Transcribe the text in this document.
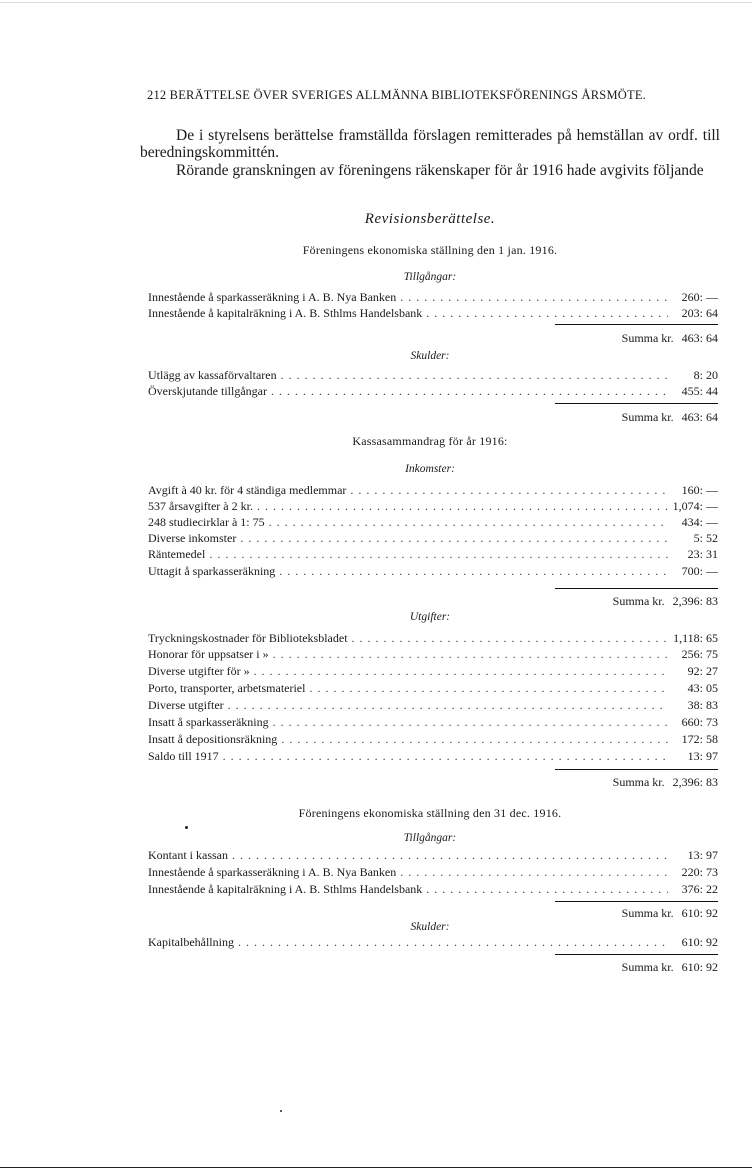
212 BERÄTTELSE ÖVER SVERIGES ALLMÄNNA BIBLIOTEKSFÖRENINGS ÅRSMÖTE.
De i styrelsens berättelse framställda förslagen remitterades på hemställan av ordf. till beredningskommittén.
Rörande granskningen av föreningens räkenskaper för år 1916 hade avgivits följande
Revisionsberättelse.
Föreningens ekonomiska ställning den 1 jan. 1916.
Tillgångar:
Innestående å sparkasseräkning i A. B. Nya Banken . . .	260: —
Innestående å kapitalräkning i A. B. Sthlms Handelsbank . . .	203: 64
Summa kr. 463: 64
Skulder:
Utlägg av kassaförvaltaren . . .	8: 20
Överskjutande tillgångar . . .	455: 44
Summa kr. 463: 64
Kassasammandrag för år 1916:
Inkomster:
Avgift à 40 kr. för 4 ständiga medlemmar . . .	160: —
537 årsavgifter à 2 kr. . . .	1,074: —
248 studiecirklar à 1: 75 . . .	434: —
Diverse inkomster . . .	5: 52
Räntemedel . . .	23: 31
Uttagit å sparkasseräkning . . .	700: —
Summa kr. 2,396: 83
Utgifter:
Tryckningskostnader för Biblioteksbladet . . .	1,118: 65
Honorar för uppsatser i » . . .	256: 75
Diverse utgifter för » . . .	92: 27
Porto, transporter, arbetsmateriel . . .	43: 05
Diverse utgifter . . .	38: 83
Insatt å sparkasseräkning . . .	660: 73
Insatt å depositionsräkning . . .	172: 58
Saldo till 1917 . . .	13: 97
Summa kr. 2,396: 83
Föreningens ekonomiska ställning den 31 dec. 1916.
Tillgångar:
Kontant i kassan . . .	13: 97
Innestående å sparkasseräkning i A. B. Nya Banken . . .	220: 73
Innestående å kapitalräkning i A. B. Sthlms Handelsbank . . .	376: 22
Summa kr. 610: 92
Skulder:
Kapitalbehållning . . .	610: 92
Summa kr. 610: 92
